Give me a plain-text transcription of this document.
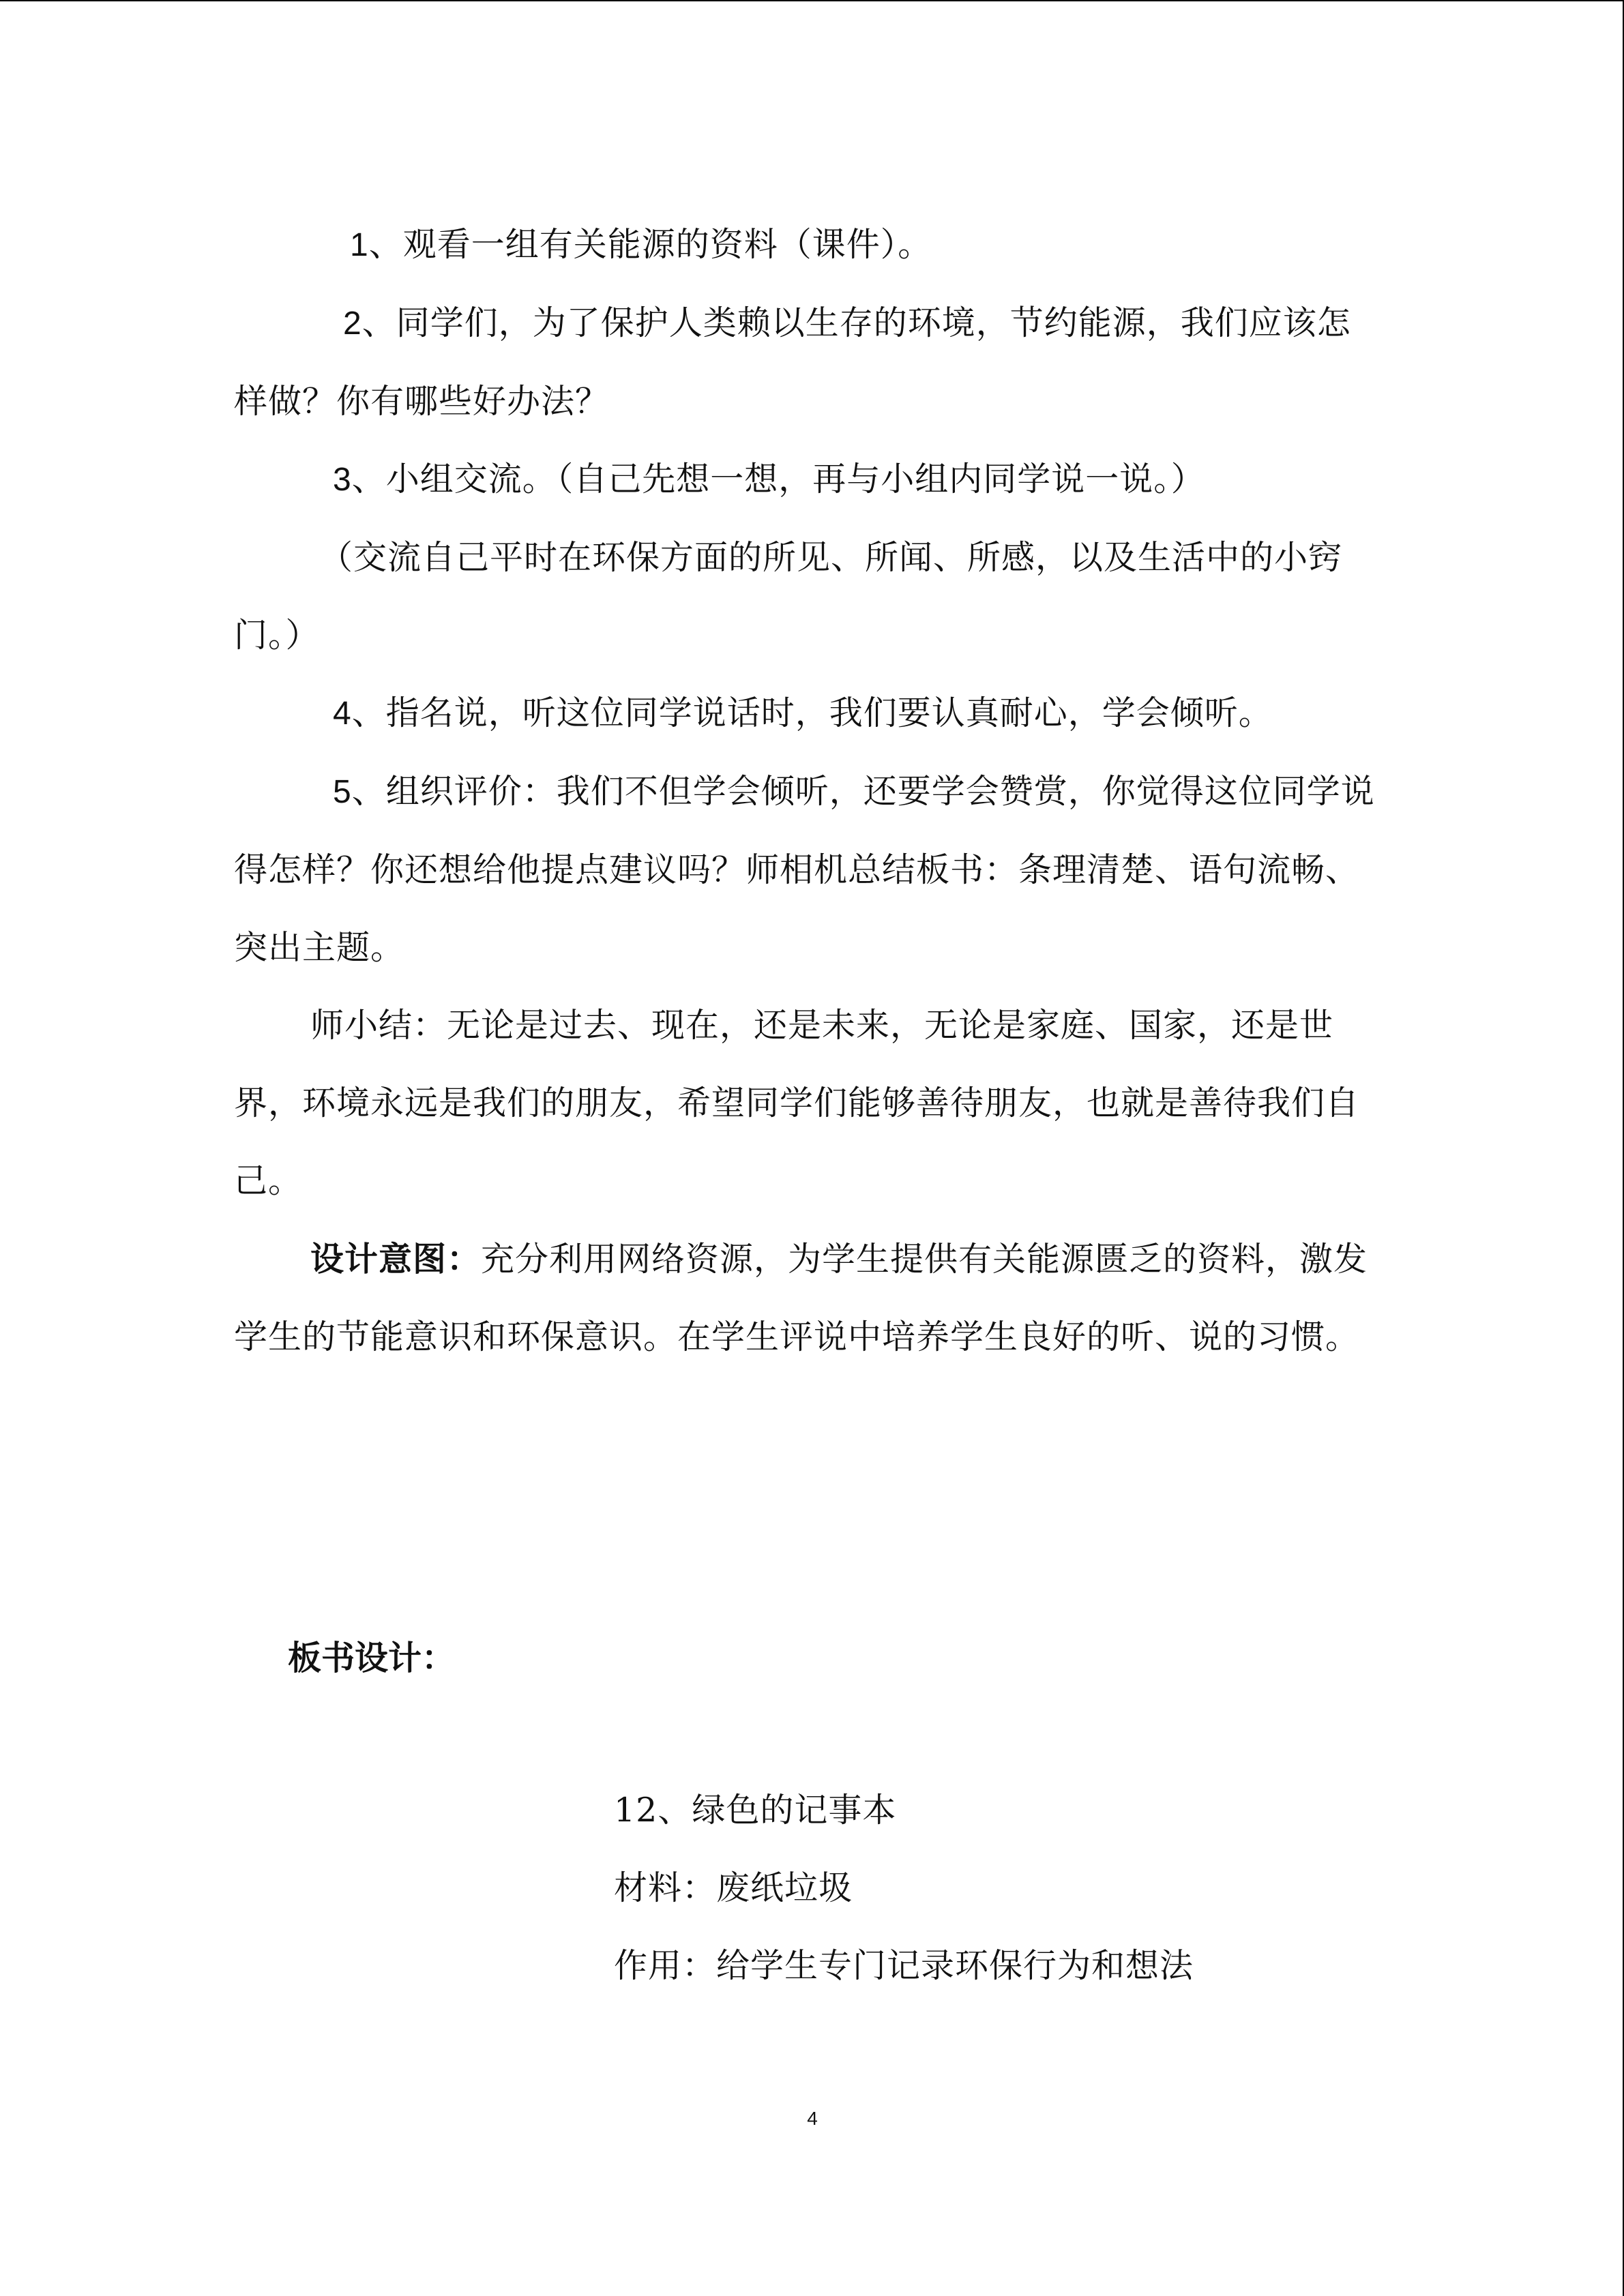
1、观看一组有关能源的资料（课件）。

2、同学们，为了保护人类赖以生存的环境，节约能源，我们应该怎样做？你有哪些好办法？

3、小组交流。（自己先想一想，再与小组内同学说一说。）

（交流自己平时在环保方面的所见、所闻、所感，以及生活中的小窍门。）

4、指名说，听这位同学说话时，我们要认真耐心，学会倾听。

5、组织评价：我们不但学会倾听，还要学会赞赏，你觉得这位同学说得怎样？你还想给他提点建议吗？师相机总结板书：条理清楚、语句流畅、突出主题。

师小结：无论是过去、现在，还是未来，无论是家庭、国家，还是世界，环境永远是我们的朋友，希望同学们能够善待朋友，也就是善待我们自己。

设计意图：充分利用网络资源，为学生提供有关能源匮乏的资料，激发学生的节能意识和环保意识。在学生评说中培养学生良好的听、说的习惯。

板书设计：

12、绿色的记事本

材料：废纸垃圾

作用：给学生专门记录环保行为和想法

4
